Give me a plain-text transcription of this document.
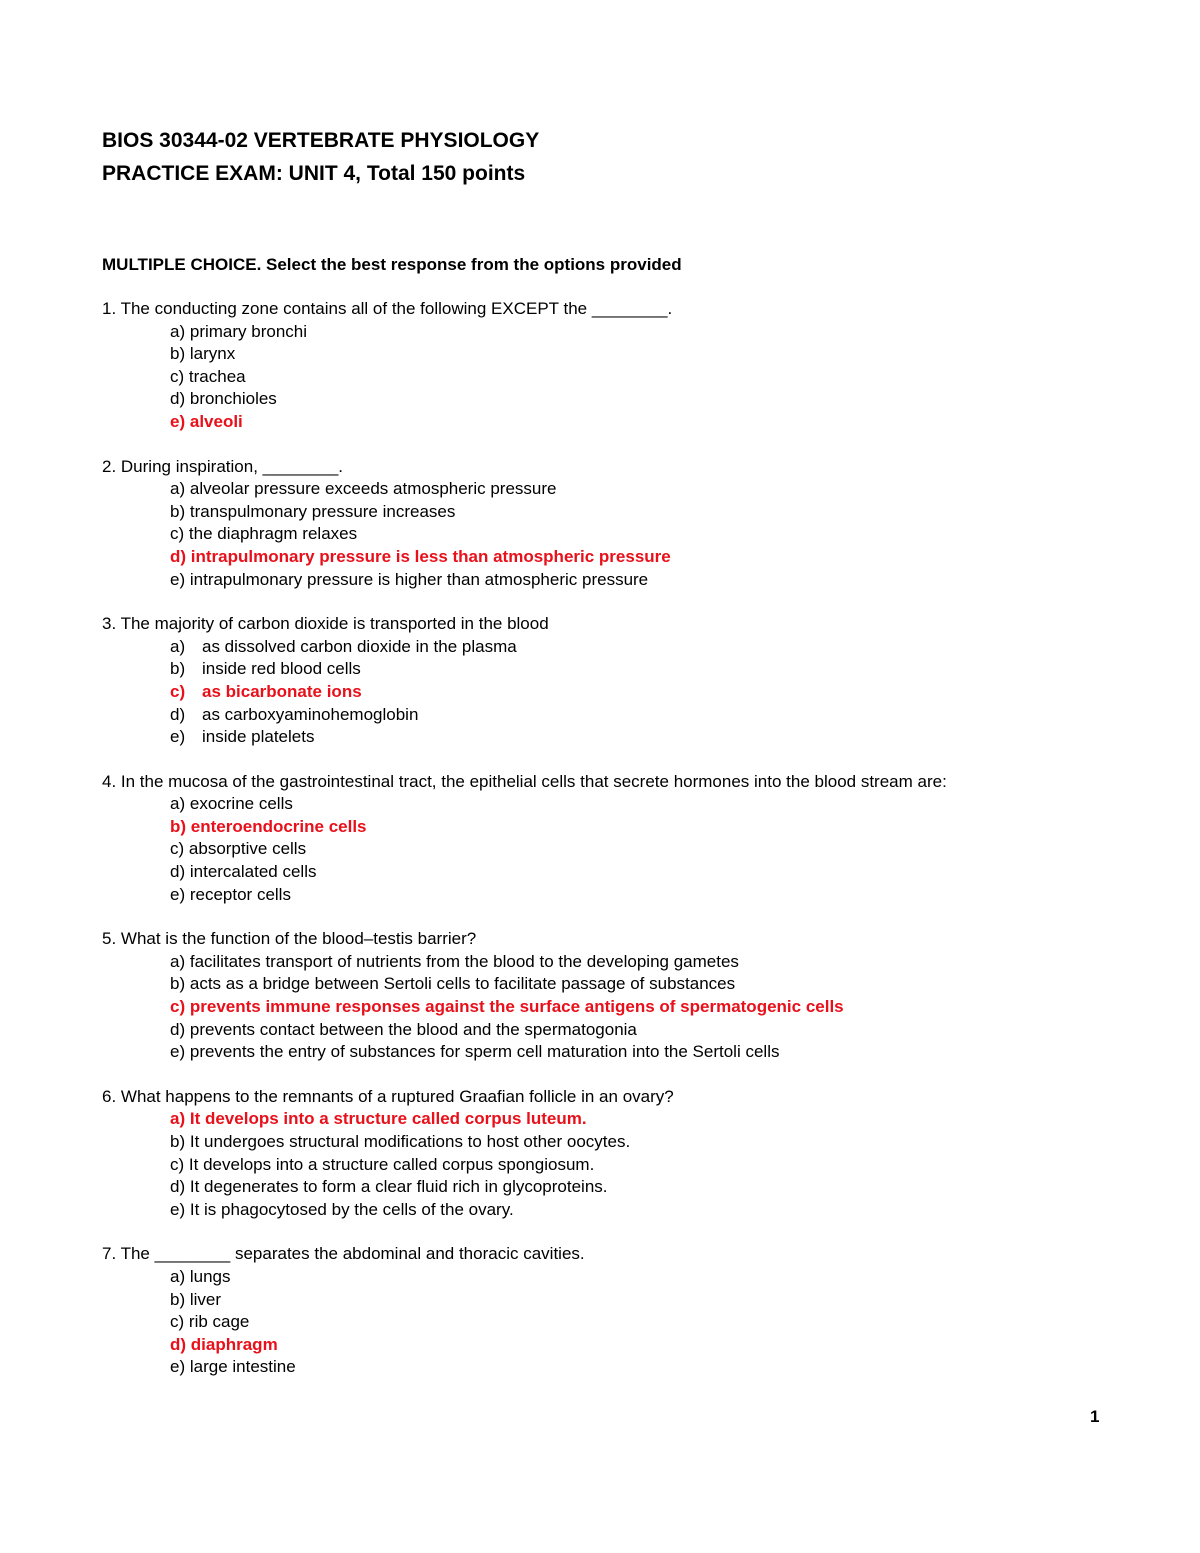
BIOS 30344-02 VERTEBRATE PHYSIOLOGY

PRACTICE EXAM: UNIT 4, Total 150 points

MULTIPLE CHOICE. Select the best response from the options provided

1. The conducting zone contains all of the following EXCEPT the ________.

a) primary bronchi
b) larynx
c) trachea
d) bronchioles
e) alveoli

2. During inspiration, ________.

a) alveolar pressure exceeds atmospheric pressure
b) transpulmonary pressure increases
c) the diaphragm relaxes
d) intrapulmonary pressure is less than atmospheric pressure
e) intrapulmonary pressure is higher than atmospheric pressure

3. The majority of carbon dioxide is transported in the blood

a) as dissolved carbon dioxide in the plasma
b) inside red blood cells
c) as bicarbonate ions
d) as carboxyaminohemoglobin
e) inside platelets

4. In the mucosa of the gastrointestinal tract, the epithelial cells that secrete hormones into the blood stream are:

a) exocrine cells
b) enteroendocrine cells
c) absorptive cells
d) intercalated cells
e) receptor cells

5. What is the function of the blood–testis barrier?

a) facilitates transport of nutrients from the blood to the developing gametes
b) acts as a bridge between Sertoli cells to facilitate passage of substances
c) prevents immune responses against the surface antigens of spermatogenic cells
d) prevents contact between the blood and the spermatogonia
e) prevents the entry of substances for sperm cell maturation into the Sertoli cells

6. What happens to the remnants of a ruptured Graafian follicle in an ovary?

a) It develops into a structure called corpus luteum.
b) It undergoes structural modifications to host other oocytes.
c) It develops into a structure called corpus spongiosum.
d) It degenerates to form a clear fluid rich in glycoproteins.
e) It is phagocytosed by the cells of the ovary.

7. The ________ separates the abdominal and thoracic cavities.

a) lungs
b) liver
c) rib cage
d) diaphragm
e) large intestine
1
